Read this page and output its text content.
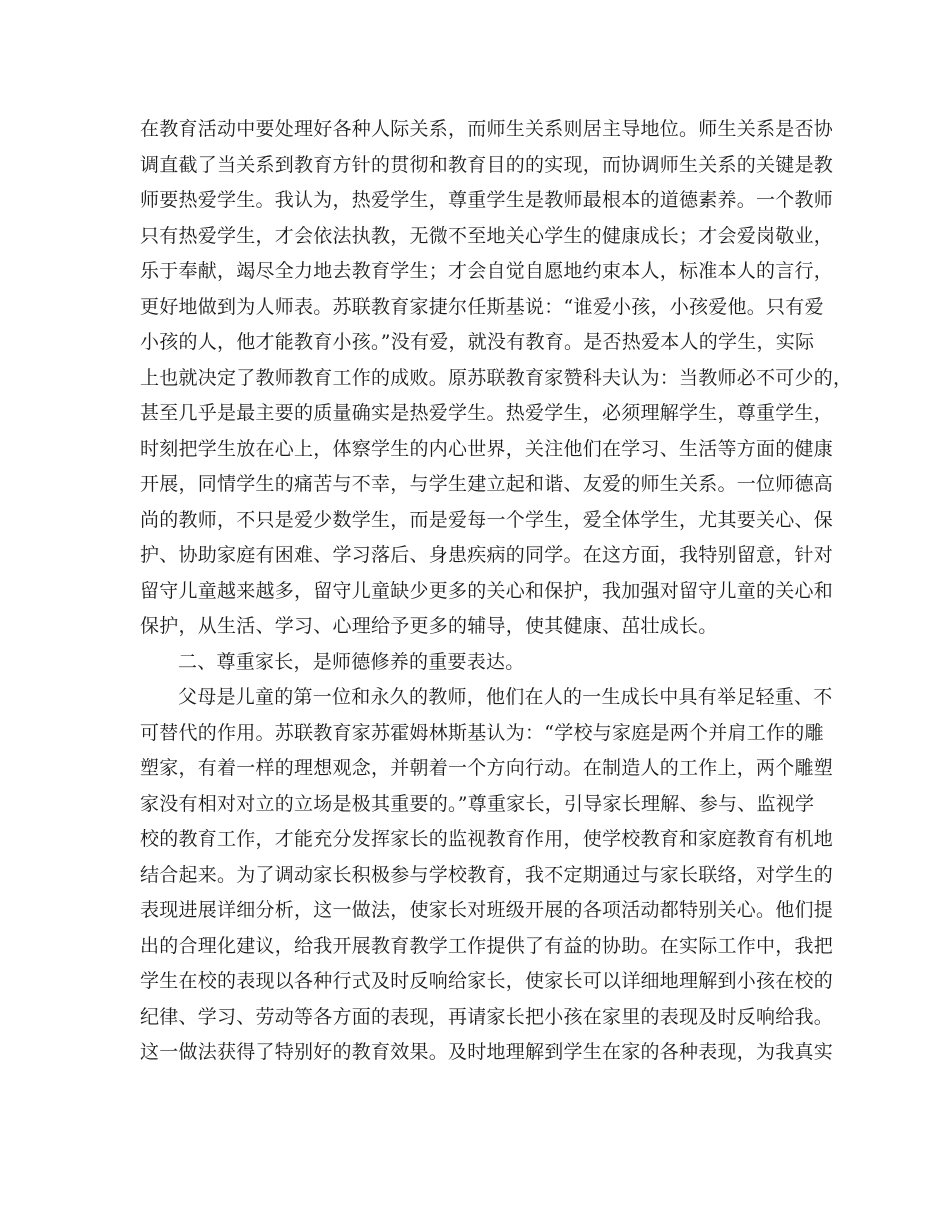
在教育活动中要处理好各种人际关系，而师生关系则居主导地位。师生关系是否协
调直截了当关系到教育方针的贯彻和教育目的的实现，而协调师生关系的关键是教
师要热爱学生。我认为，热爱学生，尊重学生是教师最根本的道德素养。一个教师
只有热爱学生，才会依法执教，无微不至地关心学生的健康成长；才会爱岗敬业，
乐于奉献，竭尽全力地去教育学生；才会自觉自愿地约束本人，标准本人的言行，
更好地做到为人师表。苏联教育家捷尔任斯基说：“谁爱小孩，小孩爱他。只有爱
小孩的人，他才能教育小孩。”没有爱，就没有教育。是否热爱本人的学生，实际
上也就决定了教师教育工作的成败。原苏联教育家赞科夫认为：当教师必不可少的，
甚至几乎是最主要的质量确实是热爱学生。热爱学生，必须理解学生，尊重学生，
时刻把学生放在心上，体察学生的内心世界，关注他们在学习、生活等方面的健康
开展，同情学生的痛苦与不幸，与学生建立起和谐、友爱的师生关系。一位师德高
尚的教师，不只是爱少数学生，而是爱每一个学生，爱全体学生，尤其要关心、保
护、协助家庭有困难、学习落后、身患疾病的同学。在这方面，我特别留意，针对
留守儿童越来越多，留守儿童缺少更多的关心和保护，我加强对留守儿童的关心和
保护，从生活、学习、心理给予更多的辅导，使其健康、茁壮成长。
二、尊重家长，是师德修养的重要表达。
父母是儿童的第一位和永久的教师，他们在人的一生成长中具有举足轻重、不
可替代的作用。苏联教育家苏霍姆林斯基认为：“学校与家庭是两个并肩工作的雕
塑家，有着一样的理想观念，并朝着一个方向行动。在制造人的工作上，两个雕塑
家没有相对对立的立场是极其重要的。”尊重家长，引导家长理解、参与、监视学
校的教育工作，才能充分发挥家长的监视教育作用，使学校教育和家庭教育有机地
结合起来。为了调动家长积极参与学校教育，我不定期通过与家长联络，对学生的
表现进展详细分析，这一做法，使家长对班级开展的各项活动都特别关心。他们提
出的合理化建议，给我开展教育教学工作提供了有益的协助。在实际工作中，我把
学生在校的表现以各种行式及时反响给家长，使家长可以详细地理解到小孩在校的
纪律、学习、劳动等各方面的表现，再请家长把小孩在家里的表现及时反响给我。
这一做法获得了特别好的教育效果。及时地理解到学生在家的各种表现，为我真实
